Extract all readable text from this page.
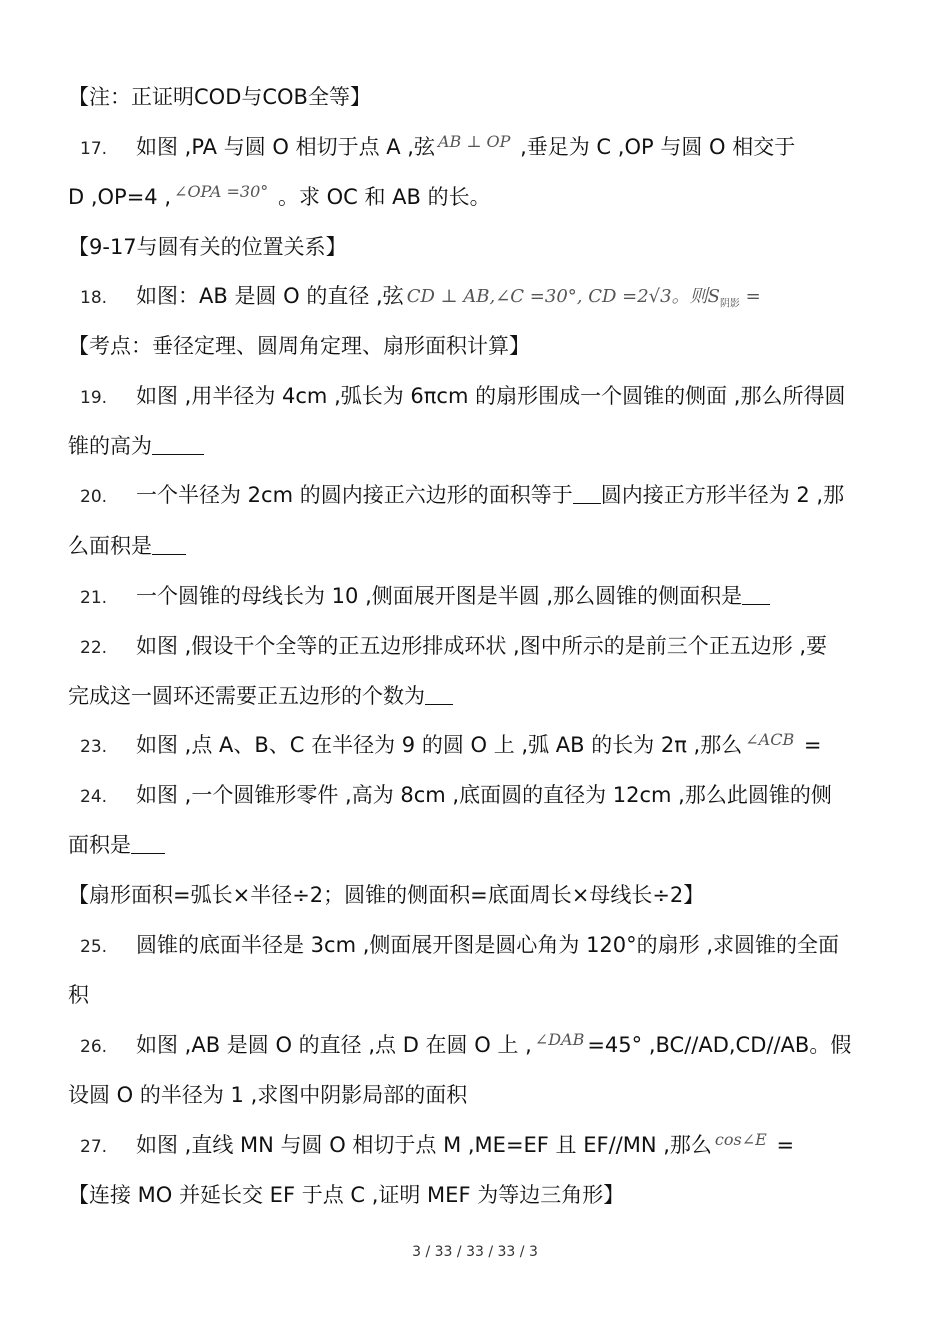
【注：正证明COD与COB全等】
17. 如图 ,PA 与圆 O 相切于点 A ,弦 $^{AB \perp OP}$ ,垂足为 C ,OP 与圆 O 相交于
D ,OP=4 , $^{\angle OPA =30^\circ}$ 。求 OC 和 AB 的长。
【9-17与圆有关的位置关系】
18. 如图：AB 是圆 O 的直径 ,弦 CD ⊥ AB,∠C =30°, CD =2√3。则$S_{阴影}$ =
【考点：垂径定理、圆周角定理、扇形面积计算】
19. 如图 ,用半径为 4cm ,弧长为 6πcm 的扇形围成一个圆锥的侧面 ,那么所得圆
锥的高为
20. 一个半径为 2cm 的圆内接正六边形的面积等于 圆内接正方形半径为 2 ,那
么面积是
21. 一个圆锥的母线长为 10 ,侧面展开图是半圆 ,那么圆锥的侧面积是
22. 如图 ,假设干个全等的正五边形排成环状 ,图中所示的是前三个正五边形 ,要
完成这一圆环还需要正五边形的个数为
23. 如图 ,点 A、B、C 在半径为 9 的圆 O 上 ,弧 AB 的长为 2π ,那么 $^{\angle ACB}$ =
24. 如图 ,一个圆锥形零件 ,高为 8cm ,底面圆的直径为 12cm ,那么此圆锥的侧
面积是
【扇形面积=弧长×半径÷2；圆锥的侧面积=底面周长×母线长÷2】
25. 圆锥的底面半径是 3cm ,侧面展开图是圆心角为 120°的扇形 ,求圆锥的全面
积
26. 如图 ,AB 是圆 O 的直径 ,点 D 在圆 O 上 , $^{\angle DAB}$ =45° ,BC//AD,CD//AB。假
设圆 O 的半径为 1 ,求图中阴影局部的面积
27. 如图 ,直线 MN 与圆 O 相切于点 M ,ME=EF 且 EF//MN ,那么 $^{cos\angle E}$ =
【连接 MO 并延长交 EF 于点 C ,证明 MEF 为等边三角形】
3 / 33 / 33 / 33 / 3
